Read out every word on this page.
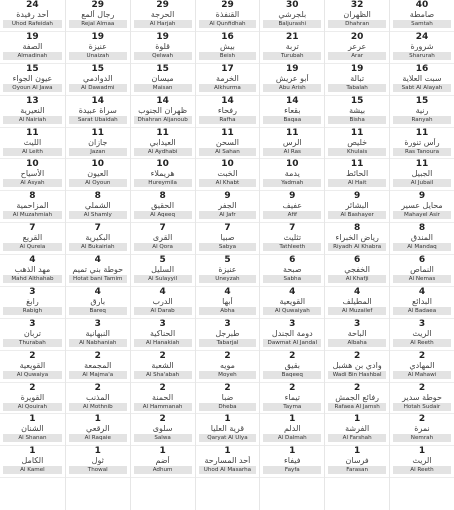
24
أحد رفيدة
Uhod Rafeidah
19
الصفة
Almadinah
15
عيون الجواء
Oyoun Al Jawa
13
النعيرية
Al Nairiah
11
الليث
Al Leith
10
الأسياح
Al Asyah
8
المزاحمية
Al Muzahmiah
7
القريع
Al Qureia
4
مهد الذهب
Mahd Althahab
3
رابغ
Rabigh
3
تربان
Thurabah
2
القويعية
Al Quwaiya
2
القويرة
Al Qouirah
1
الشنان
Al Shanan
1
الكامل
Al Kamel
29
رجال ألمع
Rejal Almaa
19
عنيزة
Unaizah
15
الدوادمي
Al Dawadmi
14
سراة عبيدة
Sarat Ubaidah
11
جازان
Jazan
10
العيون
Al Oyoun
8
الشملي
Al Shamly
7
البكيرية
Al Bukairiah
4
حوطة بني تميم
Hotat bani Tamim
4
بارق
Bareq
3
النبهانية
Al Nabhaniah
2
المجمعة
Al Majma'a
2
المذنب
Al Mothnib
1
الرقعي
Al Raqaie
1
ثول
Thowal
29
الحرجة
Al Harjah
19
قلوة
Qelwah
15
ميسان
Maisan
14
ظهران الجنوب
Dhahran Aljanoub
11
العيدابي
Al Aydhabi
10
هريملاء
Hureymila
8
الحقيق
Al Aqeeq
7
القرى
Al Qora
5
السليل
Al Sulayyil
4
الدرب
Al Darab
3
الحناكية
Al Hanakiah
2
الشعبة
Al Sha'abah
2
الحمنة
Al Hammanah
2
سلوى
Salwa
1
أضم
Adhum
29
القنفذة
Al Qunfidhah
16
بيش
Beish
17
الخرمة
Alkhurma
14
رفحاء
Rafha
11
السحن
Al Sahan
10
الخبت
Al Khabt
9
الجفر
Al Jafr
7
صبيا
Sabya
5
عنيزة
Uneyzah
4
أبها
Abha
3
طبرجل
Tabarjal
2
مويه
Moyeh
2
ضبا
Dheba
1
قرية العليا
Qaryat Al Ulya
1
أحد المسارحة
Uhod Al Masarha
30
بلجرشي
Baljurashi
21
تربة
Turubah
19
أبو عريش
Abu Arish
14
بقعاء
Baqaa
11
الرس
Al Ras
10
يدمة
Yadmah
9
عفيف
Afif
7
تثليث
Tathleeth
6
صبحة
Sabha
4
القويعية
Al Quwaiyah
3
دومة الجندل
Dawmat Al Jandal
2
بقيق
Baqeeq
2
تيماء
Tayma
1
الدلم
Al Dalmah
1
فيفاء
Fayfa
32
الظهران
Dhahran
20
عرعر
Arar
19
تبالة
Tabalah
15
بيشة
Bisha
11
خليص
Khulais
11
الحائط
Al Hait
9
البشائر
Al Bashayer
8
رياض الخبراء
Riyadh Al Khabra
6
الخفجي
Al Khafji
4
المطيلف
Al Muzailef
3
الباحة
Albaha
2
وادي بن هشبل
Wadi Bin Hashbal
2
رفائع الجمش
Rafaea Al Jamsh
1
الفرشة
Al Farshah
1
فرسان
Farasan
40
صامطة
Samtah
24
شرورة
Sharurah
16
سبت العلاية
Sabt Al Alayah
15
رنية
Ranyah
11
رأس تنورة
Ras Tanoura
11
الجبيل
Al Jubail
9
محايل عسير
Mahayel Asir
8
المندق
Al Mandaq
6
النماص
Al Nemas
4
البدائع
Al Badaea
3
الريث
Al Reeth
2
المهادي
Al Mahawi
2
حوطة سدير
Hotah Sudair
2
نمرة
Nemrah
1
الريث
Al Reeth
